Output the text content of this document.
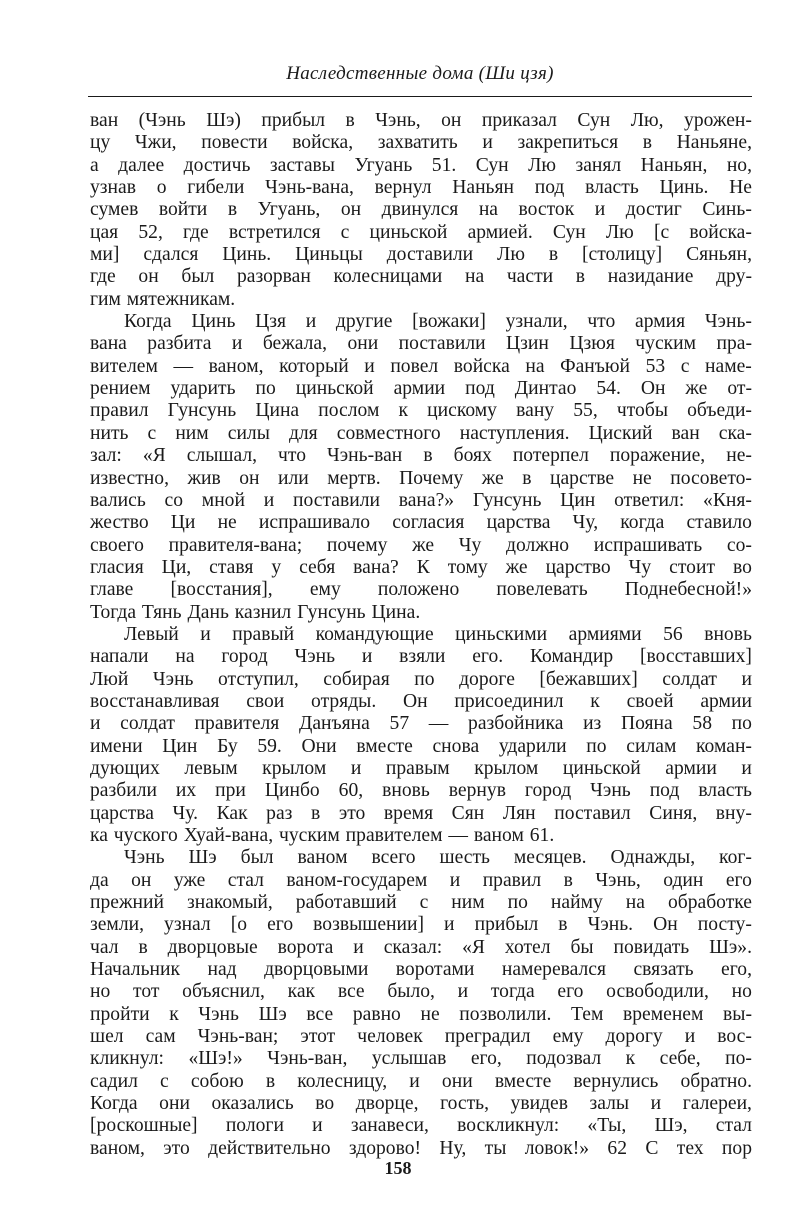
Наследственные дома (Ши цзя)
ван (Чэнь Шэ) прибыл в Чэнь, он приказал Сун Лю, урожен-
цу Чжи, повести войска, захватить и закрепиться в Наньяне,
а далее достичь заставы Угуань 51. Сун Лю занял Наньян, но,
узнав о гибели Чэнь-вана, вернул Наньян под власть Цинь. Не
сумев войти в Угуань, он двинулся на восток и достиг Синь-
цая 52, где встретился с циньской армией. Сун Лю [с войска-
ми] сдался Цинь. Циньцы доставили Лю в [столицу] Сяньян,
где он был разорван колесницами на части в назидание дру-
гим мятежникам.
Когда Цинь Цзя и другие [вожаки] узнали, что армия Чэнь-
вана разбита и бежала, они поставили Цзин Цзюя чуским пра-
вителем — ваном, который и повел войска на Фанъюй 53 с наме-
рением ударить по циньской армии под Динтао 54. Он же от-
правил Гунсунь Цина послом к цискому вану 55, чтобы объеди-
нить с ним силы для совместного наступления. Циский ван ска-
зал: «Я слышал, что Чэнь-ван в боях потерпел поражение, не-
известно, жив он или мертв. Почему же в царстве не посовето-
вались со мной и поставили вана?» Гунсунь Цин ответил: «Кня-
жество Ци не испрашивало согласия царства Чу, когда ставило
своего правителя-вана; почему же Чу должно испрашивать со-
гласия Ци, ставя у себя вана? К тому же царство Чу стоит во
главе [восстания], ему положено повелевать Поднебесной!»
Тогда Тянь Дань казнил Гунсунь Цина.
Левый и правый командующие циньскими армиями 56 вновь
напали на город Чэнь и взяли его. Командир [восставших]
Люй Чэнь отступил, собирая по дороге [бежавших] солдат и
восстанавливая свои отряды. Он присоединил к своей армии
и солдат правителя Данъяна 57 — разбойника из Пояна 58 по
имени Цин Бу 59. Они вместе снова ударили по силам коман-
дующих левым крылом и правым крылом циньской армии и
разбили их при Цинбо 60, вновь вернув город Чэнь под власть
царства Чу. Как раз в это время Сян Лян поставил Синя, вну-
ка чуского Хуай-вана, чуским правителем — ваном 61.
Чэнь Шэ был ваном всего шесть месяцев. Однажды, ког-
да он уже стал ваном-государем и правил в Чэнь, один его
прежний знакомый, работавший с ним по найму на обработке
земли, узнал [о его возвышении] и прибыл в Чэнь. Он посту-
чал в дворцовые ворота и сказал: «Я хотел бы повидать Шэ».
Начальник над дворцовыми воротами намеревался связать его,
но тот объяснил, как все было, и тогда его освободили, но
пройти к Чэнь Шэ все равно не позволили. Тем временем вы-
шел сам Чэнь-ван; этот человек преградил ему дорогу и вос-
кликнул: «Шэ!» Чэнь-ван, услышав его, подозвал к себе, по-
садил с собою в колесницу, и они вместе вернулись обратно.
Когда они оказались во дворце, гость, увидев залы и галереи,
[роскошные] пологи и занавеси, воскликнул: «Ты, Шэ, стал
ваном, это действительно здорово! Ну, ты ловок!» 62 С тех пор
158
